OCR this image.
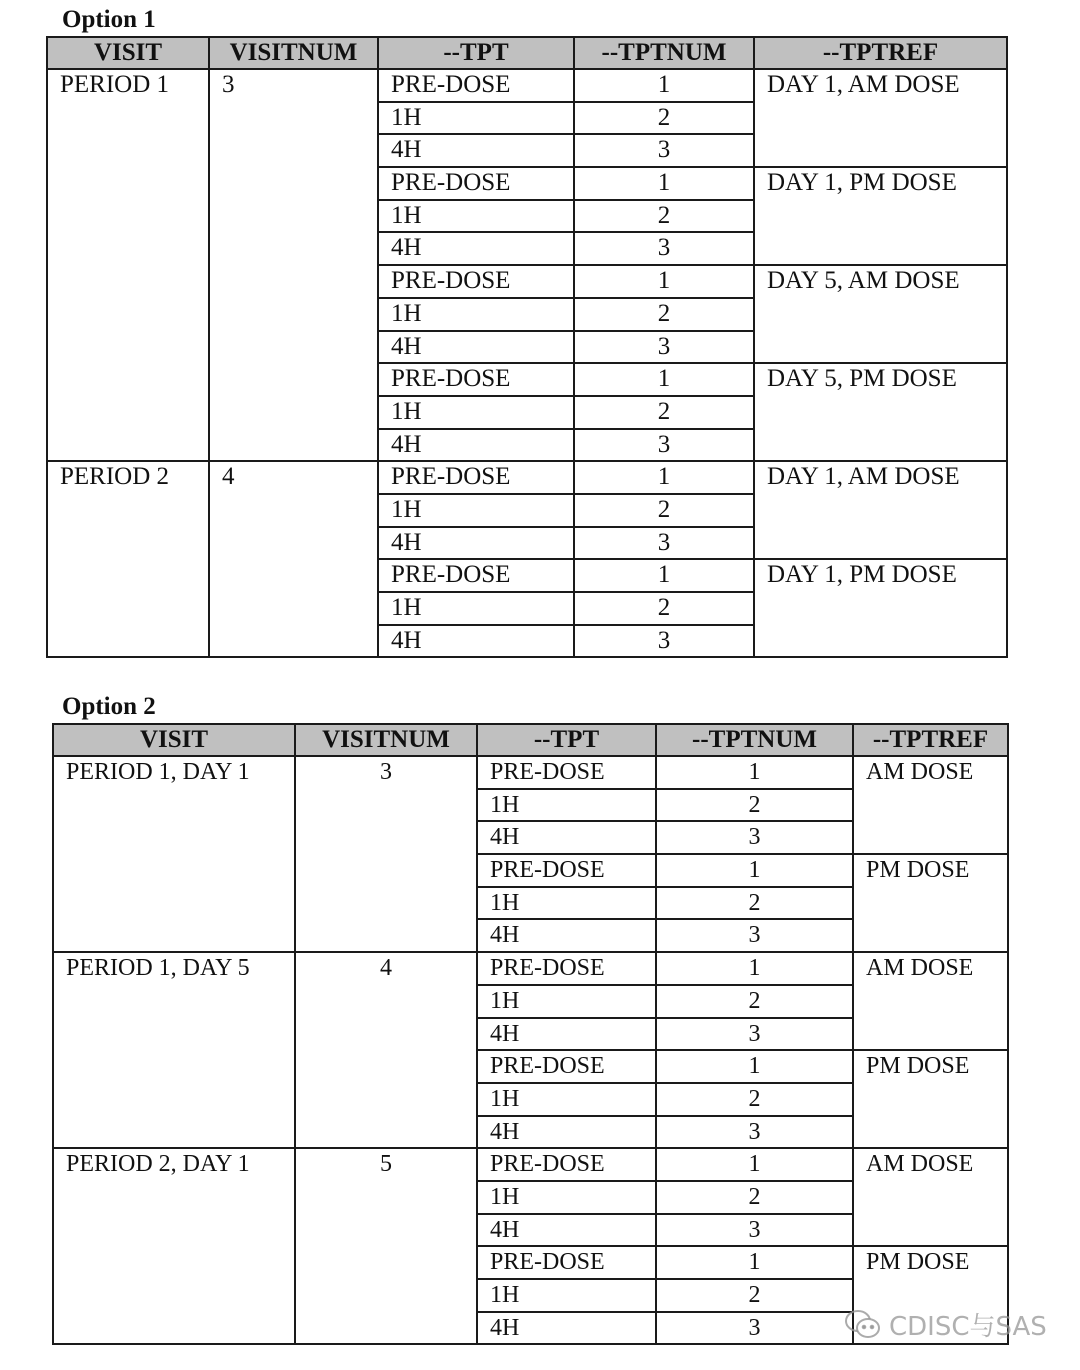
Option 1
VISIT	VISITNUM	--TPT	--TPTNUM	--TPTREF
PERIOD 1	3	PRE-DOSE	1	DAY 1, AM DOSE
		1H	2	
		4H	3	
		PRE-DOSE	1	DAY 1, PM DOSE
		1H	2	
		4H	3	
		PRE-DOSE	1	DAY 5, AM DOSE
		1H	2	
		4H	3	
		PRE-DOSE	1	DAY 5, PM DOSE
		1H	2	
		4H	3	
PERIOD 2	4	PRE-DOSE	1	DAY 1, AM DOSE
		1H	2	
		4H	3	
		PRE-DOSE	1	DAY 1, PM DOSE
		1H	2	
		4H	3	
Option 2
VISIT	VISITNUM	--TPT	--TPTNUM	--TPTREF
PERIOD 1, DAY 1	3	PRE-DOSE	1	AM DOSE
		1H	2	
		4H	3	
		PRE-DOSE	1	PM DOSE
		1H	2	
		4H	3	
PERIOD 1, DAY 5	4	PRE-DOSE	1	AM DOSE
		1H	2	
		4H	3	
		PRE-DOSE	1	PM DOSE
		1H	2	
		4H	3	
PERIOD 2, DAY 1	5	PRE-DOSE	1	AM DOSE
		1H	2	
		4H	3	
		PRE-DOSE	1	PM DOSE
		1H	2	
		4H	3		CDISC与SAS
